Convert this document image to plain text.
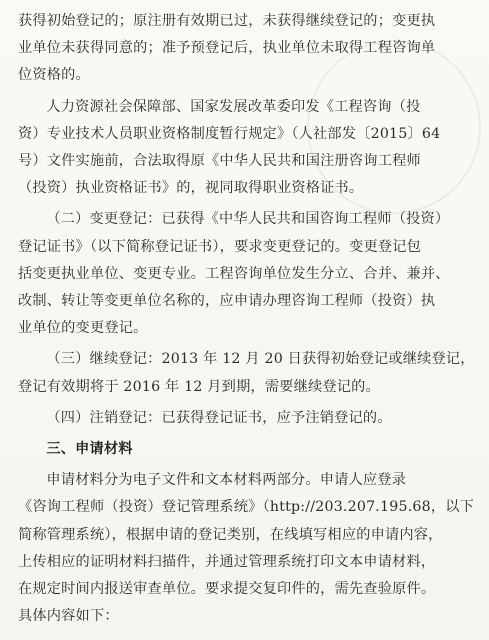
获得初始登记的；原注册有效期已过，未获得继续登记的；变更执
业单位未获得同意的；准予预登记后，执业单位未取得工程咨询单
位资格的。

人力资源社会保障部、国家发展改革委印发《工程咨询（投
资）专业技术人员职业资格制度暂行规定》（人社部发〔2015〕64
号）文件实施前，合法取得原《中华人民共和国注册咨询工程师
（投资）执业资格证书》的，视同取得职业资格证书。

（二）变更登记：已获得《中华人民共和国咨询工程师（投资）
登记证书》（以下简称登记证书），要求变更登记的。变更登记包
括变更执业单位、变更专业。工程咨询单位发生分立、合并、兼并、
改制、转让等变更单位名称的，应申请办理咨询工程师（投资）执
业单位的变更登记。

（三）继续登记：2013 年 12 月 20 日获得初始登记或继续登记，
登记有效期将于 2016 年 12 月到期，需要继续登记的。

（四）注销登记：已获得登记证书，应予注销登记的。

三、申请材料

申请材料分为电子文件和文本材料两部分。申请人应登录
《咨询工程师（投资）登记管理系统》（http://203.207.195.68，以下
简称管理系统），根据申请的登记类别，在线填写相应的申请内容，
上传相应的证明材料扫描件，并通过管理系统打印文本申请材料，
在规定时间内报送审查单位。要求提交复印件的，需先查验原件。
具体内容如下：
